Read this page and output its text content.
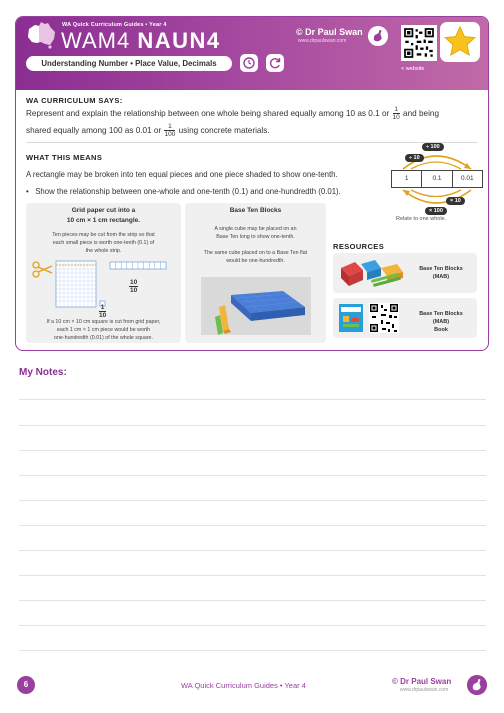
WA Quick Curriculum Guides • Year 4
WAM4 NAUN4	© Dr Paul Swan
www.drpaulswan.com
< website
Understanding Number • Place Value, Decimals
WA CURRICULUM SAYS:
Represent and explain the relationship between one whole being shared equally among 10 as 0.1 or $\frac{1}{10}$ and being
shared equally among 100 as 0.01 or $\frac{1}{100}$ using concrete materials.
WHAT THIS MEANS
A rectangle may be broken into ten equal pieces and one piece shaded to show one-tenth.
•   Show the relationship between one-whole and one-tenth (0.1) and one-hundredth (0.01).
÷ 100
÷ 10
1	0.1	0.01
× 10
× 100
Relate to one whole.
Grid paper cut into a
10 cm × 1 cm rectangle.
Ten pieces may be cut from the strip so that
each small piece is worth one-tenth (0.1) of
the whole strip.
$\frac{10}{10}$
$\frac{1}{10}$
If a 10 cm × 10 cm square is cut from grid paper,
each 1 cm × 1 cm piece would be worth
one-hundredth (0.01) of the whole square.
Base Ten Blocks
A single cube may be placed on an
Base Ten long to show one-tenth.

The same cube placed on to a Base Ten flat
would be one-hundredth.
RESOURCES
Base Ten Blocks
(MAB)
Base Ten Blocks (MAB)
Book
My Notes:
6	WA Quick Curriculum Guides • Year 4	© Dr Paul Swan
www.drpaulswan.com
